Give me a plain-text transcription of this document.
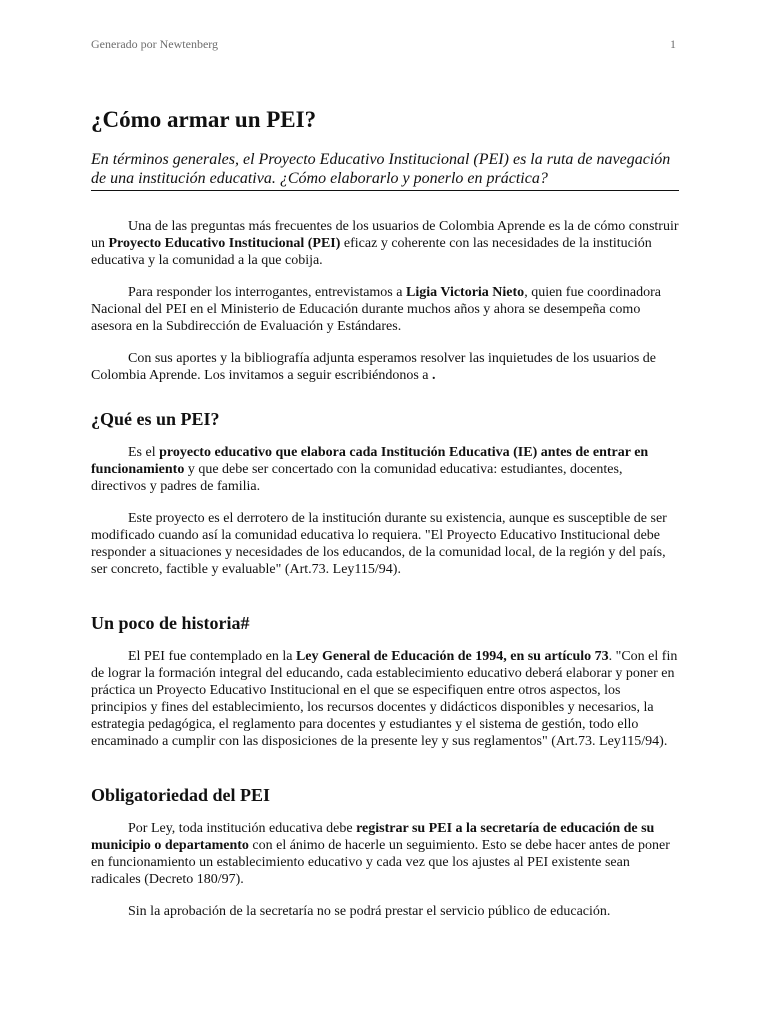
Generado por Newtenberg	1
¿Cómo armar un PEI?

En términos generales, el Proyecto Educativo Institucional (PEI) es la ruta de navegación de una institución educativa. ¿Cómo elaborarlo y ponerlo en práctica?

Una de las preguntas más frecuentes de los usuarios de Colombia Aprende es la de cómo construir un Proyecto Educativo Institucional (PEI) eficaz y coherente con las necesidades de la institución educativa y la comunidad a la que cobija.

Para responder los interrogantes, entrevistamos a Ligia Victoria Nieto, quien fue coordinadora Nacional del PEI en el Ministerio de Educación durante muchos años y ahora se desempeña como asesora en la Subdirección de Evaluación y Estándares.

Con sus aportes y la bibliografía adjunta esperamos resolver las inquietudes de los usuarios de Colombia Aprende. Los invitamos a seguir escribiéndonos a .

¿Qué es un PEI?

Es el proyecto educativo que elabora cada Institución Educativa (IE) antes de entrar en funcionamiento y que debe ser concertado con la comunidad educativa: estudiantes, docentes, directivos y padres de familia.

Este proyecto es el derrotero de la institución durante su existencia, aunque es susceptible de ser modificado cuando así la comunidad educativa lo requiera. "El Proyecto Educativo Institucional debe responder a situaciones y necesidades de los educandos, de la comunidad local, de la región y del país, ser concreto, factible y evaluable" (Art.73. Ley115/94).

Un poco de historia#

El PEI fue contemplado en la Ley General de Educación de 1994, en su artículo 73. "Con el fin de lograr la formación integral del educando, cada establecimiento educativo deberá elaborar y poner en práctica un Proyecto Educativo Institucional en el que se especifiquen entre otros aspectos, los principios y fines del establecimiento, los recursos docentes y didácticos disponibles y necesarios, la estrategia pedagógica, el reglamento para docentes y estudiantes y el sistema de gestión, todo ello encaminado a cumplir con las disposiciones de la presente ley y sus reglamentos" (Art.73. Ley115/94).

Obligatoriedad del PEI

Por Ley, toda institución educativa debe registrar su PEI a la secretaría de educación de su municipio o departamento con el ánimo de hacerle un seguimiento. Esto se debe hacer antes de poner en funcionamiento un establecimiento educativo y cada vez que los ajustes al PEI existente sean radicales (Decreto 180/97).

Sin la aprobación de la secretaría no se podrá prestar el servicio público de educación.
